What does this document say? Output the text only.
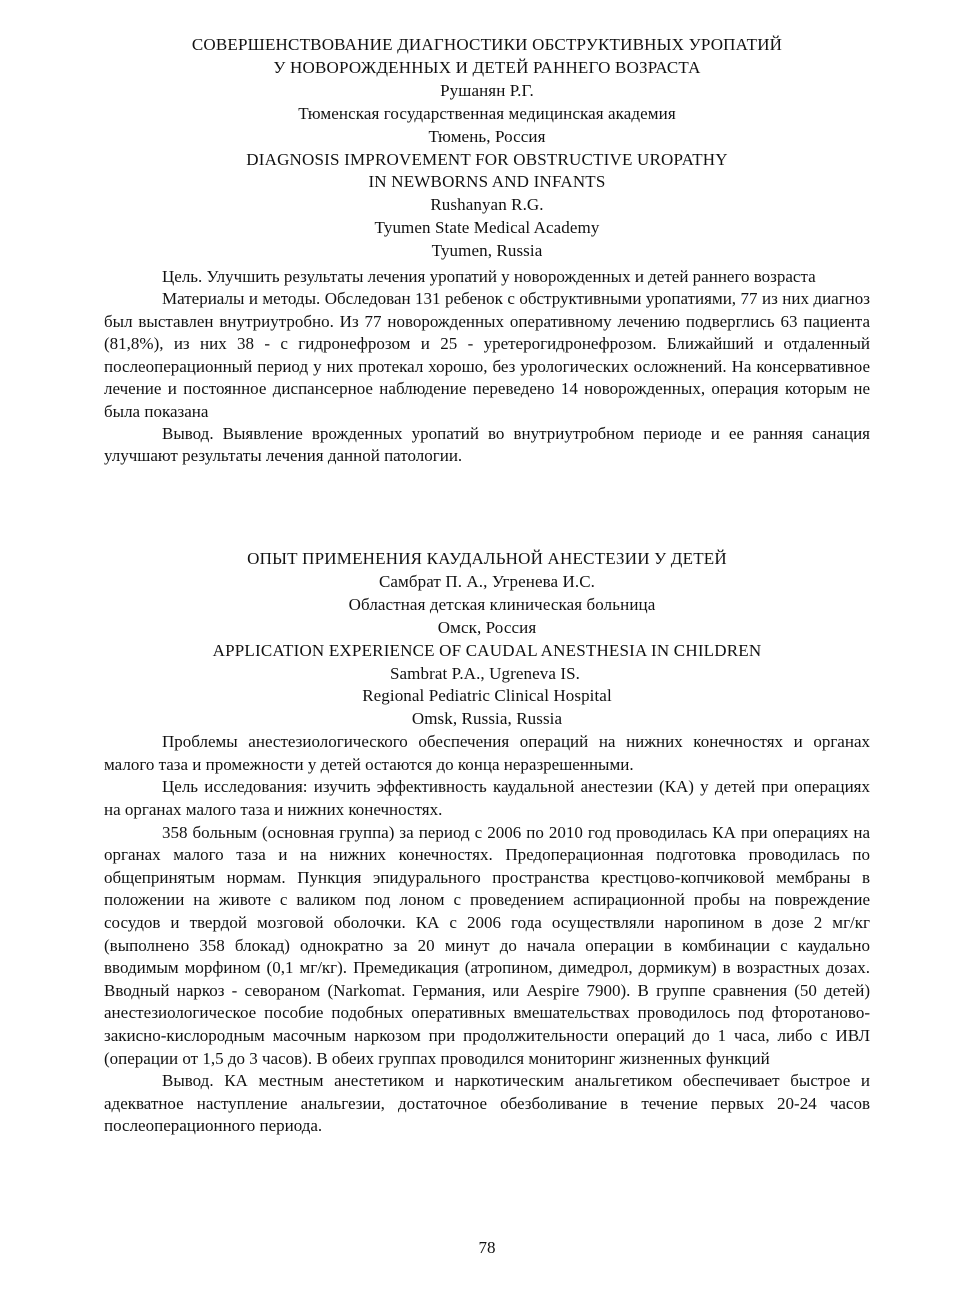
СОВЕРШЕНСТВОВАНИЕ ДИАГНОСТИКИ ОБСТРУКТИВНЫХ УРОПАТИЙ
У НОВОРОЖДЕННЫХ И ДЕТЕЙ РАННЕГО ВОЗРАСТА
Рушанян Р.Г.
Тюменская государственная медицинская академия
Тюмень, Россия
DIAGNOSIS IMPROVEMENT FOR OBSTRUCTIVE UROPATHY
IN NEWBORNS AND INFANTS
Rushanyan R.G.
Tyumen State Medical Academy
Tyumen, Russia

Цель. Улучшить результаты лечения уропатий у новорожденных и детей раннего возраста

Материалы и методы. Обследован 131 ребенок с обструктивными уропатиями, 77 из них диагноз был выставлен внутриутробно. Из 77 новорожденных оперативному лечению подверглись 63 пациента (81,8%), из них 38 - с гидронефрозом и 25 - уретерогидронефрозом. Ближайший и отдаленный послеоперационный период у них протекал хорошо, без урологических осложнений. На консервативное лечение и постоянное диспансерное наблюдение переведено 14 новорожденных, операция которым не была показана

Вывод. Выявление врожденных уропатий во внутриутробном периоде и ее ранняя санация улучшают результаты лечения данной патологии.

ОПЫТ ПРИМЕНЕНИЯ КАУДАЛЬНОЙ АНЕСТЕЗИИ У ДЕТЕЙ
Самбрат П. А., Угренева И.С.
Областная детская клиническая больница
Омск, Россия
APPLICATION EXPERIENCE OF CAUDAL ANESTHESIA IN CHILDREN
Sambrat P.A., Ugreneva IS.
Regional Pediatric Clinical Hospital
Omsk, Russia, Russia

Проблемы анестезиологического обеспечения операций на нижних конечностях и органах малого таза и промежности у детей остаются до конца неразрешенными.

Цель исследования: изучить эффективность каудальной анестезии (КА) у детей при операциях на органах малого таза и нижних конечностях.

358 больным (основная группа) за период с 2006 по 2010 год проводилась КА при операциях на органах малого таза и на нижних конечностях. Предоперационная подготовка проводилась по общепринятым нормам. Пункция эпидурального пространства крестцово-копчиковой мембраны в положении на животе с валиком под лоном с проведением аспирационной пробы на повреждение сосудов и твердой мозговой оболочки. КА с 2006 года осуществляли наропином в дозе 2 мг/кг (выполнено 358 блокад) однократно за 20 минут до начала операции в комбинации с каудально вводимым морфином (0,1 мг/кг). Премедикация (атропином, димедрол, дормикум) в возрастных дозах. Вводный наркоз - севораном (Narkomat. Германия, или Aespire 7900). В группе сравнения (50 детей) анестезиологическое пособие подобных оперативных вмешательствах проводилось под фторотаново-закисно-кислородным масочным наркозом при продолжительности операций до 1 часа, либо с ИВЛ (операции от 1,5 до 3 часов). В обеих группах проводился мониторинг жизненных функций

Вывод. КА местным анестетиком и наркотическим анальгетиком обеспечивает быстрое и адекватное наступление анальгезии, достаточное обезболивание в течение первых 20-24 часов послеоперационного периода.

78
